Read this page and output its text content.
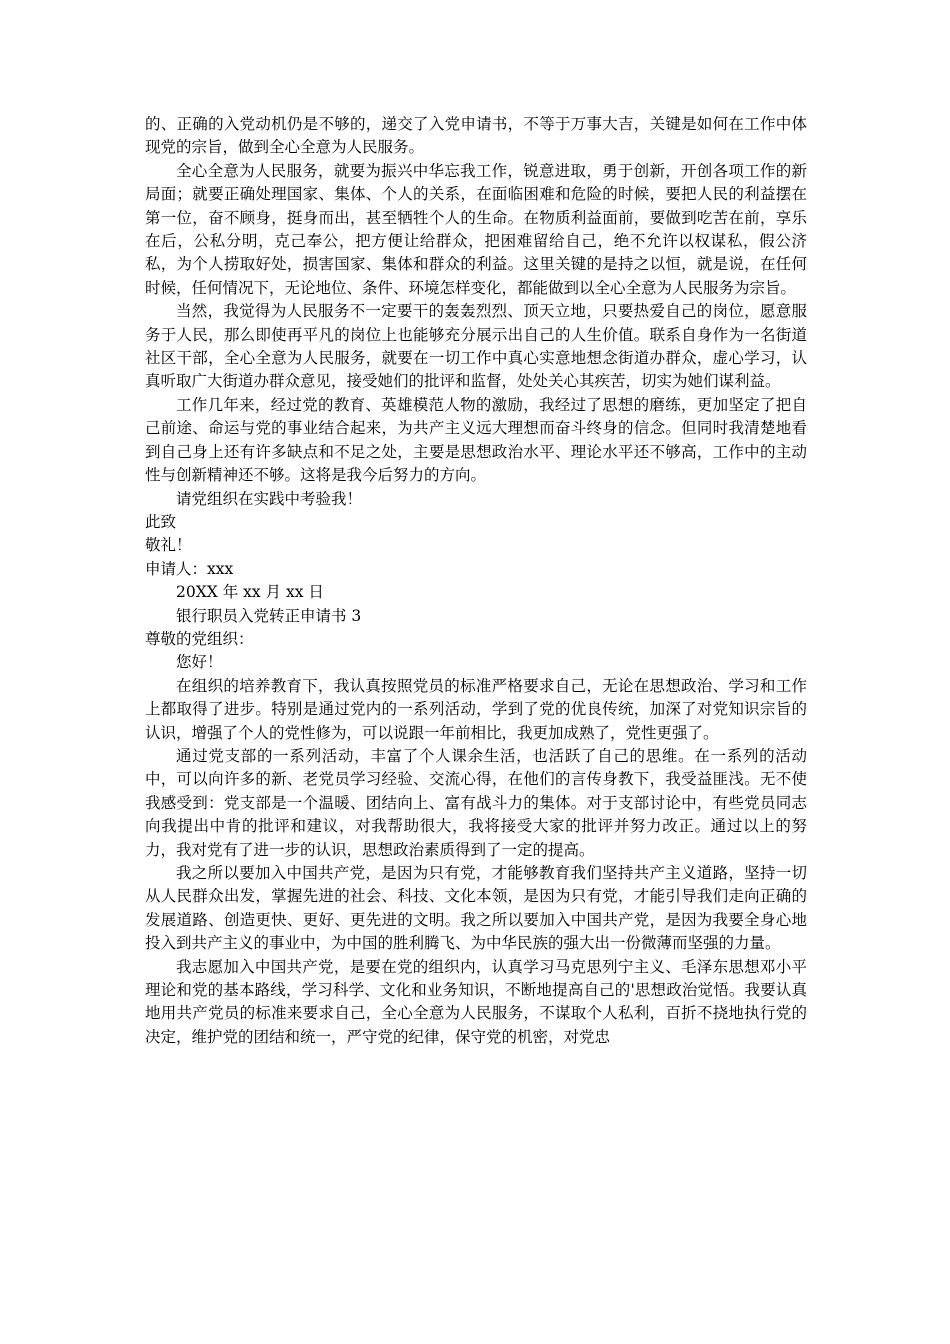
的、正确的入党动机仍是不够的，递交了入党申请书，不等于万事大吉，关键是如何在工作中体现党的宗旨，做到全心全意为人民服务。

全心全意为人民服务，就要为振兴中华忘我工作，锐意进取，勇于创新，开创各项工作的新局面；就要正确处理国家、集体、个人的关系，在面临困难和危险的时候，要把人民的利益摆在第一位，奋不顾身，挺身而出，甚至牺牲个人的生命。在物质利益面前，要做到吃苦在前，享乐在后，公私分明，克己奉公，把方便让给群众，把困难留给自己，绝不允许以权谋私，假公济私，为个人捞取好处，损害国家、集体和群众的利益。这里关键的是持之以恒，就是说，在任何时候，任何情况下，无论地位、条件、环境怎样变化，都能做到以全心全意为人民服务为宗旨。

当然，我觉得为人民服务不一定要干的轰轰烈烈、顶天立地，只要热爱自己的岗位，愿意服务于人民，那么即使再平凡的岗位上也能够充分展示出自己的人生价值。联系自身作为一名街道社区干部，全心全意为人民服务，就要在一切工作中真心实意地想念街道办群众，虚心学习，认真听取广大街道办群众意见，接受她们的批评和监督，处处关心其疾苦，切实为她们谋利益。

工作几年来，经过党的教育、英雄模范人物的激励，我经过了思想的磨练，更加坚定了把自己前途、命运与党的事业结合起来，为共产主义远大理想而奋斗终身的信念。但同时我清楚地看到自己身上还有许多缺点和不足之处，主要是思想政治水平、理论水平还不够高，工作中的主动性与创新精神还不够。这将是我今后努力的方向。

请党组织在实践中考验我！

此致

敬礼！

申请人：xxx

20XX 年 xx 月 xx 日

银行职员入党转正申请书 3

尊敬的党组织：

您好！

在组织的培养教育下，我认真按照党员的标准严格要求自己，无论在思想政治、学习和工作上都取得了进步。特别是通过党内的一系列活动，学到了党的优良传统，加深了对党知识宗旨的认识，增强了个人的党性修为，可以说跟一年前相比，我更加成熟了，党性更强了。

通过党支部的一系列活动，丰富了个人课余生活，也活跃了自己的思维。在一系列的活动中，可以向许多的新、老党员学习经验、交流心得，在他们的言传身教下，我受益匪浅。无不使我感受到：党支部是一个温暖、团结向上、富有战斗力的集体。对于支部讨论中，有些党员同志向我提出中肯的批评和建议，对我帮助很大，我将接受大家的批评并努力改正。通过以上的努力，我对党有了进一步的认识，思想政治素质得到了一定的提高。

我之所以要加入中国共产党，是因为只有党，才能够教育我们坚持共产主义道路，坚持一切从人民群众出发，掌握先进的社会、科技、文化本领，是因为只有党，才能引导我们走向正确的发展道路、创造更快、更好、更先进的文明。我之所以要加入中国共产党，是因为我要全身心地投入到共产主义的事业中，为中国的胜利腾飞、为中华民族的强大出一份微薄而坚强的力量。

我志愿加入中国共产党，是要在党的组织内，认真学习马克思列宁主义、毛泽东思想邓小平理论和党的基本路线，学习科学、文化和业务知识，不断地提高自己的'思想政治觉悟。我要认真地用共产党员的标准来要求自己，全心全意为人民服务，不谋取个人私利，百折不挠地执行党的决定，维护党的团结和统一，严守党的纪律，保守党的机密，对党忠
